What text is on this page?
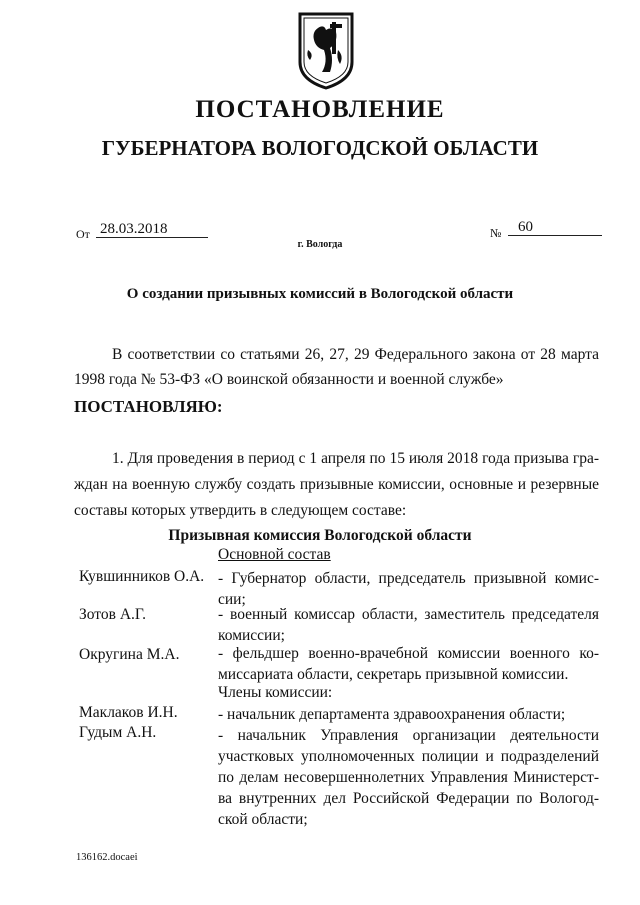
ПОСТАНОВЛЕНИЕ
ГУБЕРНАТОРА ВОЛОГОДСКОЙ ОБЛАСТИ
От 28.03.2018	№	60
г. Вологда
О создании призывных комиссий в Вологодской области
В соответствии со статьями 26, 27, 29 Федерального закона от 28 марта
1998 года № 53-ФЗ «О воинской обязанности и военной службе»
ПОСТАНОВЛЯЮ:
1. Для проведения в период с 1 апреля по 15 июля 2018 года призыва гра-
ждан на военную службу создать призывные комиссии, основные и резервные
составы которых утвердить в следующем составе:
Призывная комиссия Вологодской области
Основной состав
Кувшинников О.А. - Губернатор области, председатель призывной комис-
сии;
Зотов А.Г.	- военный комиссар области, заместитель председателя
комиссии;
Округина М.А. - фельдшер военно-врачебной комиссии военного ко-
миссариата области, секретарь призывной комиссии.
Члены комиссии:
Маклаков И.Н.	- начальник департамента здравоохранения области;
Гудым А.Н.	- начальник Управления организации деятельности
участковых уполномоченных полиции и подразделений
по делам несовершеннолетних Управления Министерст-
ва внутренних дел Российской Федерации по Вологод-
ской области;
136162.docaei
